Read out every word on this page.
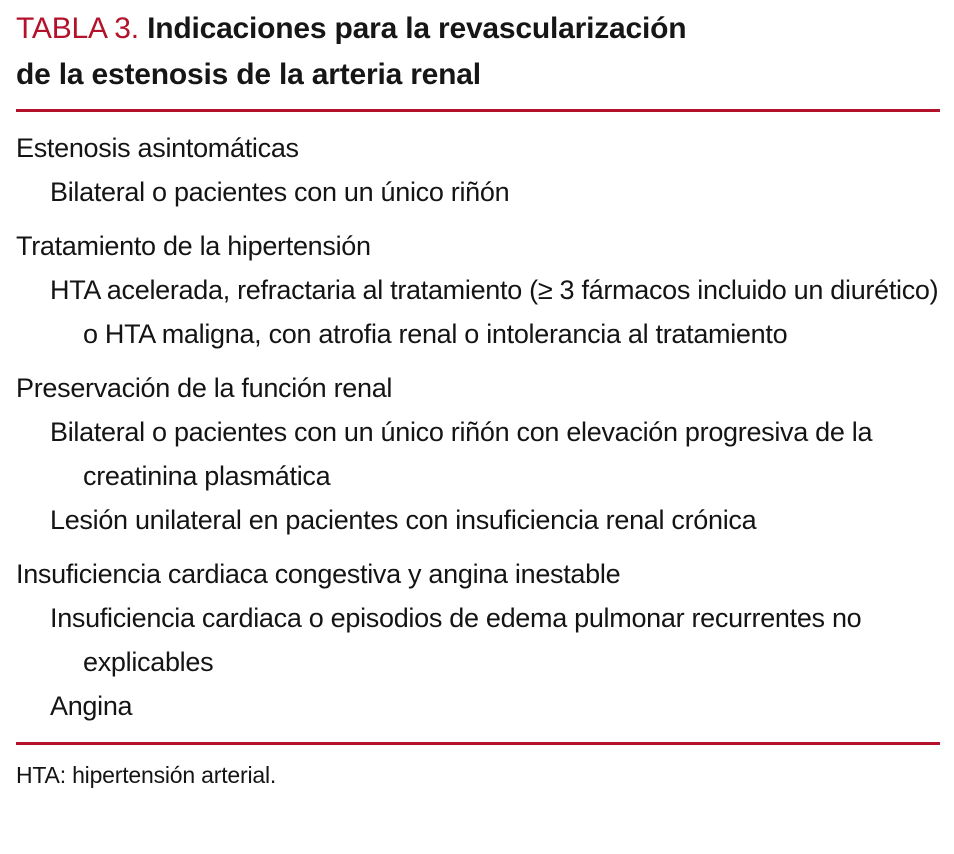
TABLA 3. Indicaciones para la revascularización
de la estenosis de la arteria renal
Estenosis asintomáticas
Bilateral o pacientes con un único riñón
Tratamiento de la hipertensión
HTA acelerada, refractaria al tratamiento (≥ 3 fármacos incluido un diurético) o HTA maligna, con atrofia renal o intolerancia al tratamiento
Preservación de la función renal
Bilateral o pacientes con un único riñón con elevación progresiva de la creatinina plasmática
Lesión unilateral en pacientes con insuficiencia renal crónica
Insuficiencia cardiaca congestiva y angina inestable
Insuficiencia cardiaca o episodios de edema pulmonar recurrentes no explicables
Angina
HTA: hipertensión arterial.
